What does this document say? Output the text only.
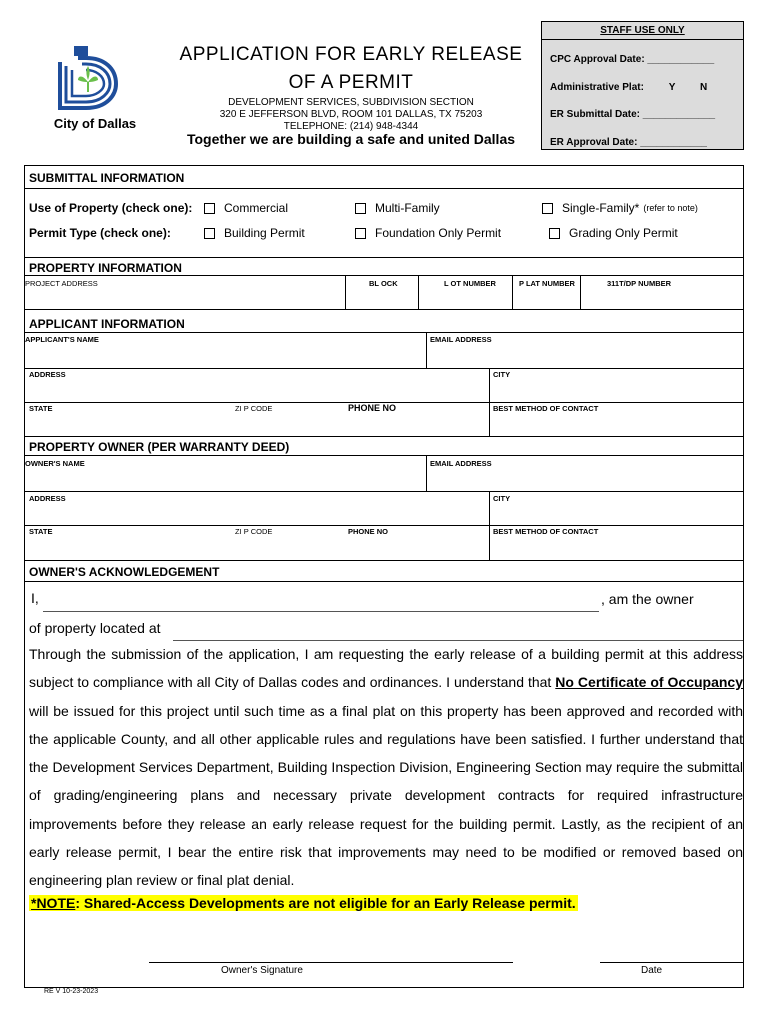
City of Dallas
APPLICATION FOR EARLY RELEASE
OF A PERMIT
DEVELOPMENT SERVICES, SUBDIVISION SECTION
320 E JEFFERSON BLVD, ROOM 101 DALLAS, TX 75203
TELEPHONE: (214) 948-4344
Together we are building a safe and united Dallas
STAFF USE ONLY
CPC Approval Date: ____________
Administrative Plat: Y N
ER Submittal Date: _____________
ER Approval Date: ____________
SUBMITTAL INFORMATION
Use of Property (check one):	Commercial	Multi-Family	Single-Family* (refer to note)
Permit Type (check one):	Building Permit	Foundation Only Permit	Grading Only Permit
PROPERTY INFORMATION
PROJECT ADDRESS	BL OCK	L OT NUMBER	P LAT NUMBER	311T/DP NUMBER
APPLICANT INFORMATION
APPLICANT'S NAME	EMAIL ADDRESS
ADDRESS	CITY
STATE	ZI P CODE	PHONE NO	BEST METHOD OF CONTACT
PROPERTY OWNER (PER WARRANTY DEED)
OWNER'S NAME	EMAIL ADDRESS
ADDRESS	CITY
STATE	ZI P CODE	PHONE NO	BEST METHOD OF CONTACT
OWNER'S ACKNOWLEDGEMENT
I,	, am the owner
of property located at
Through the submission of the application, I am requesting the early release of a building permit at this address subject to compliance with all City of Dallas codes and ordinances. I understand that No Certificate of Occupancy will be issued for this project until such time as a final plat on this property has been approved and recorded with the applicable County, and all other applicable rules and regulations have been satisfied. I further understand that the Development Services Department, Building Inspection Division, Engineering Section may require the submittal of grading/engineering plans and necessary private development contracts for required infrastructure improvements before they release an early release request for the building permit. Lastly, as the recipient of an early release permit, I bear the entire risk that improvements may need to be modified or removed based on engineering plan review or final plat denial.
*NOTE: Shared-Access Developments are not eligible for an Early Release permit.
Owner's Signature	Date
RE V 10-23-2023
